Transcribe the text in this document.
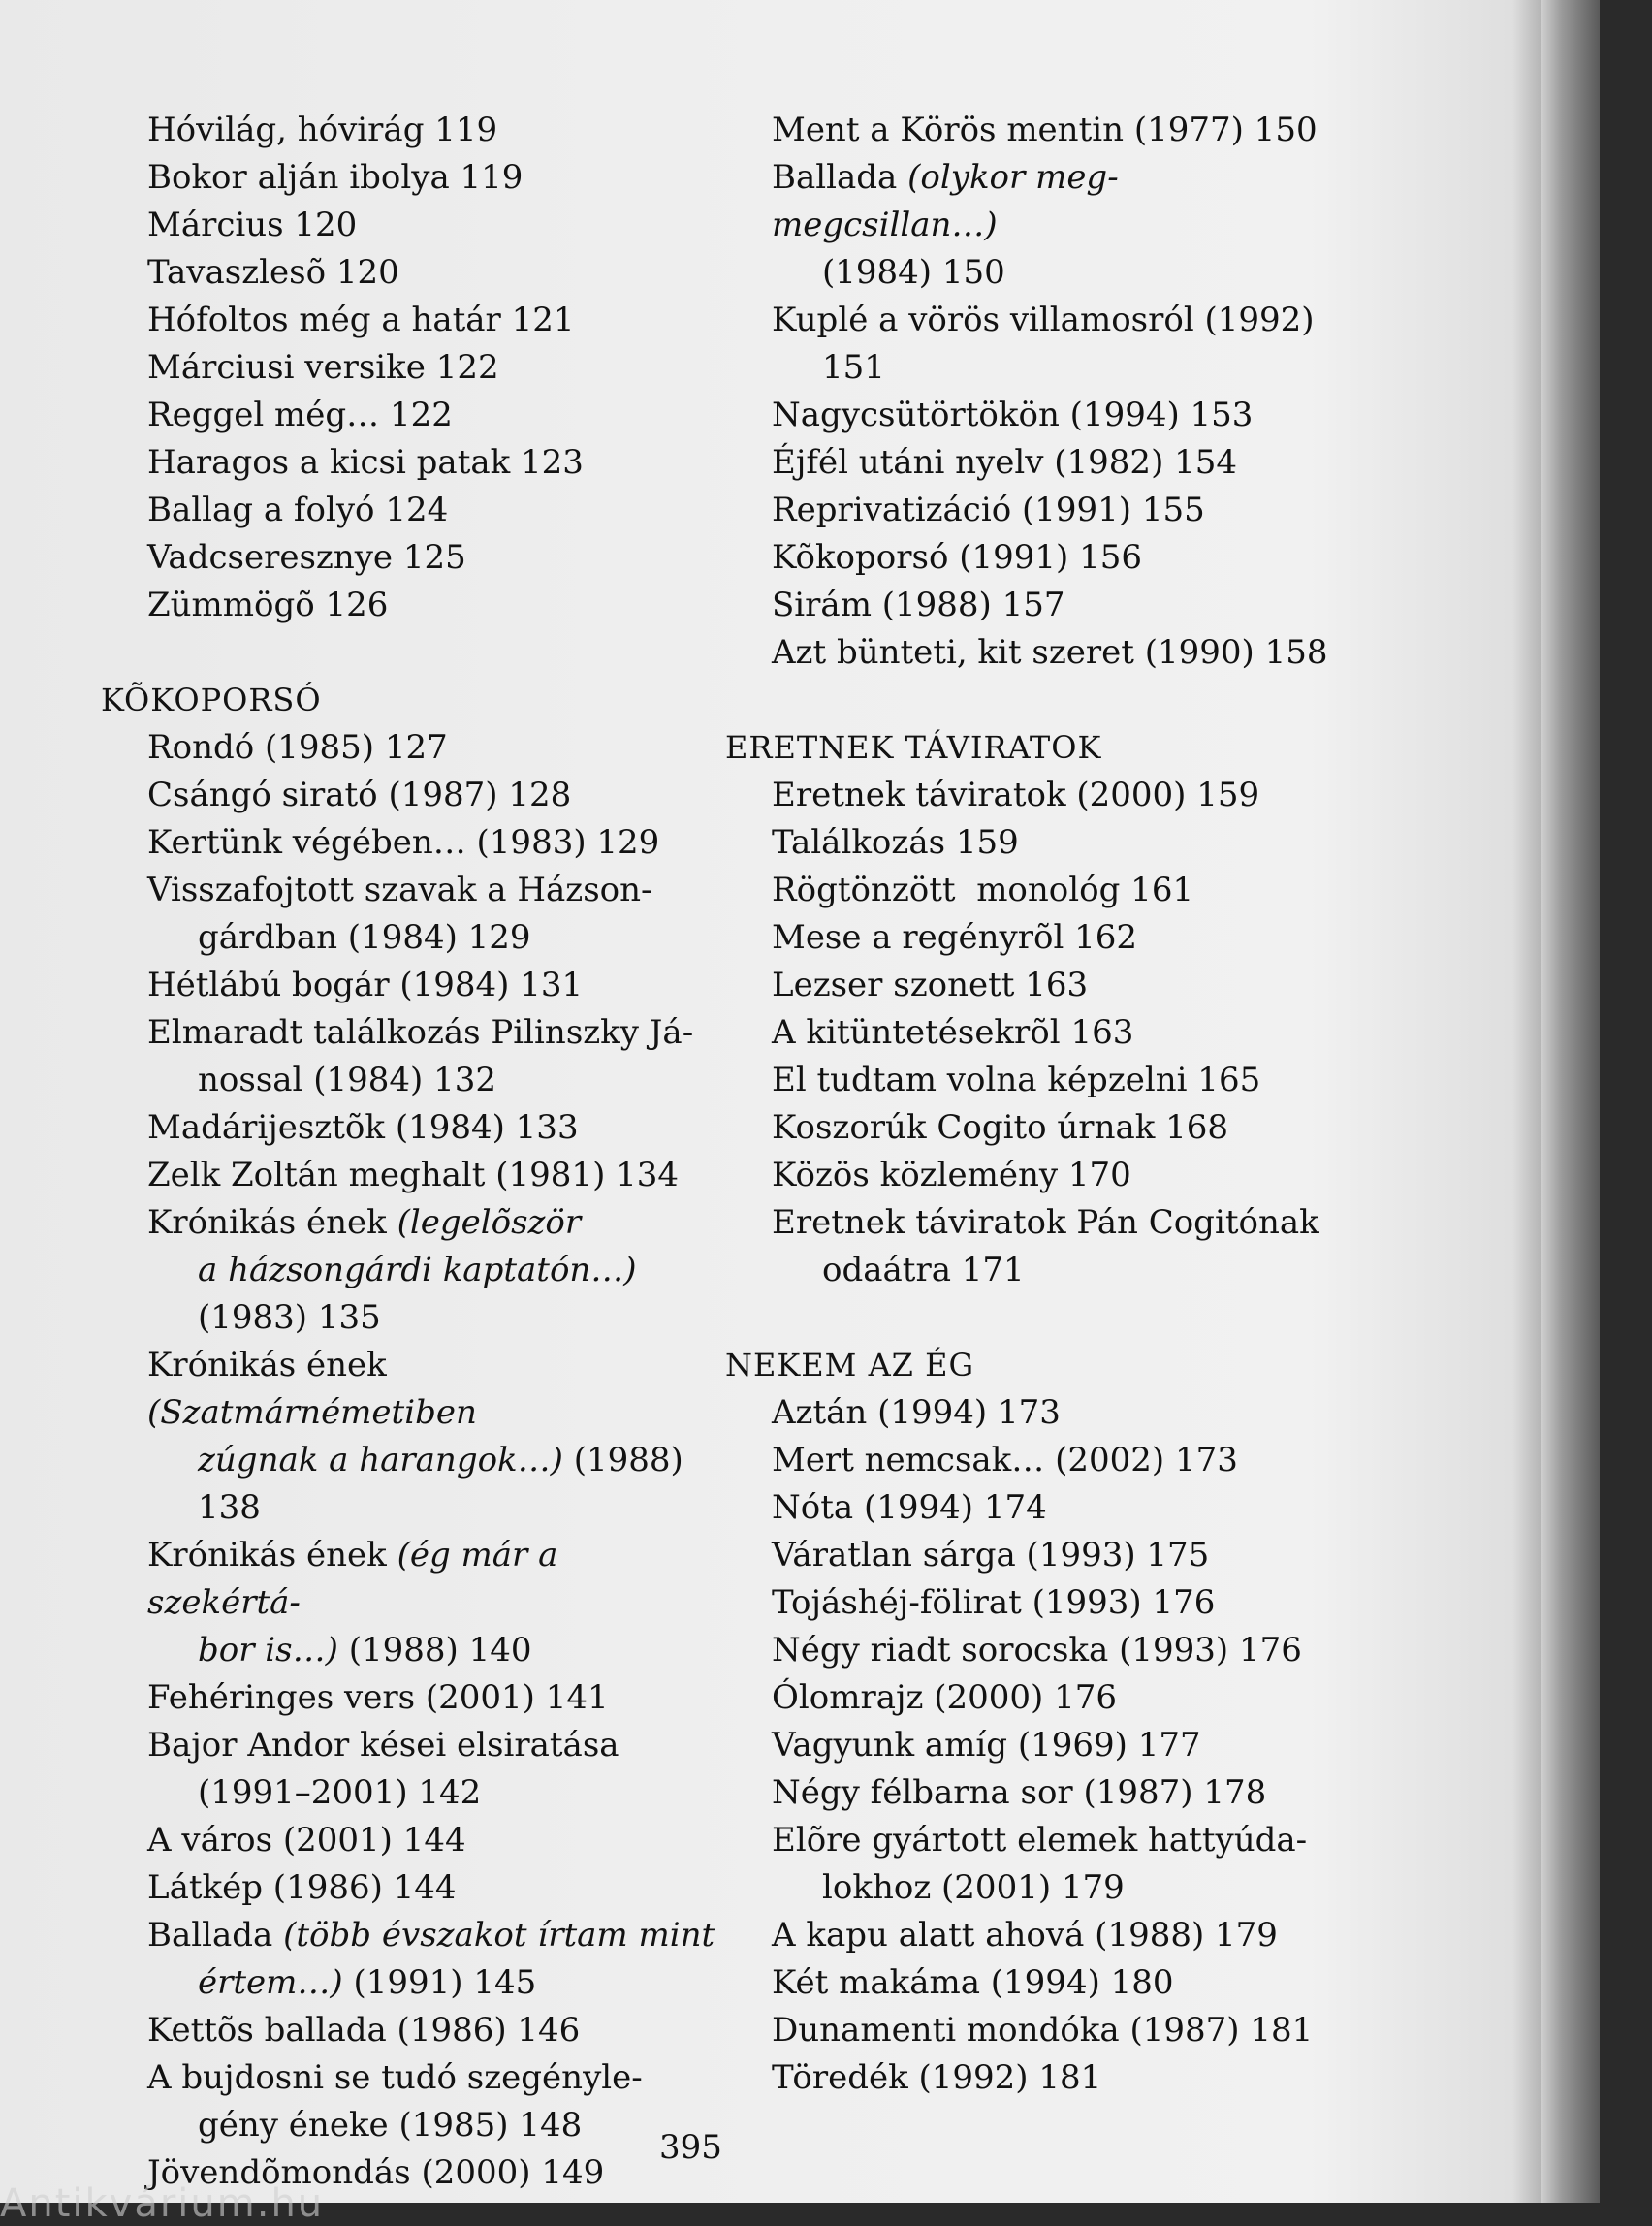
Hóvilág, hóvirág 119
Bokor alján ibolya 119
Március 120
Tavaszlesõ 120
Hófoltos még a határ 121
Márciusi versike 122
Reggel még… 122
Haragos a kicsi patak 123
Ballag a folyó 124
Vadcseresznye 125
Zümmögõ 126
KÕKOPORSÓ
Rondó (1985) 127
Csángó sirató (1987) 128
Kertünk végében… (1983) 129
Visszafojtott szavak a Házson-
gárdban (1984) 129
Hétlábú bogár (1984) 131
Elmaradt találkozás Pilinszky Já-
nossal (1984) 132
Madárijesztõk (1984) 133
Zelk Zoltán meghalt (1981) 134
Krónikás ének (legelõször
a házsongárdi kaptatón…)
(1983) 135
Krónikás ének (Szatmárnémetiben
zúgnak a harangok…) (1988) 138
Krónikás ének (ég már a szekértá-
bor is…) (1988) 140
Fehéringes vers (2001) 141
Bajor Andor kései elsiratása
(1991–2001) 142
A város (2001) 144
Látkép (1986) 144
Ballada (több évszakot írtam mint
értem…) (1991) 145
Kettõs ballada (1986) 146
A bujdosni se tudó szegényle-
gény éneke (1985) 148
Jövendõmondás (2000) 149
Ment a Körös mentin (1977) 150
Ballada (olykor meg-megcsillan…)
(1984) 150
Kuplé a vörös villamosról (1992)
151
Nagycsütörtökön (1994) 153
Éjfél utáni nyelv (1982) 154
Reprivatizáció (1991) 155
Kõkoporsó (1991) 156
Sirám (1988) 157
Azt bünteti, kit szeret (1990) 158
ERETNEK TÁVIRATOK
Eretnek táviratok (2000) 159
Találkozás 159
Rögtönzött  monológ 161
Mese a regényrõl 162
Lezser szonett 163
A kitüntetésekrõl 163
El tudtam volna képzelni 165
Koszorúk Cogito úrnak 168
Közös közlemény 170
Eretnek táviratok Pán Cogitónak
odaátra 171
NEKEM AZ ÉG
Aztán (1994) 173
Mert nemcsak… (2002) 173
Nóta (1994) 174
Váratlan sárga (1993) 175
Tojáshéj-fölirat (1993) 176
Négy riadt sorocska (1993) 176
Ólomrajz (2000) 176
Vagyunk amíg (1969) 177
Négy félbarna sor (1987) 178
Elõre gyártott elemek hattyúda-
lokhoz (2001) 179
A kapu alatt ahová (1988) 179
Két makáma (1994) 180
Dunamenti mondóka (1987) 181
Töredék (1992) 181
395
Antikvárium.hu
